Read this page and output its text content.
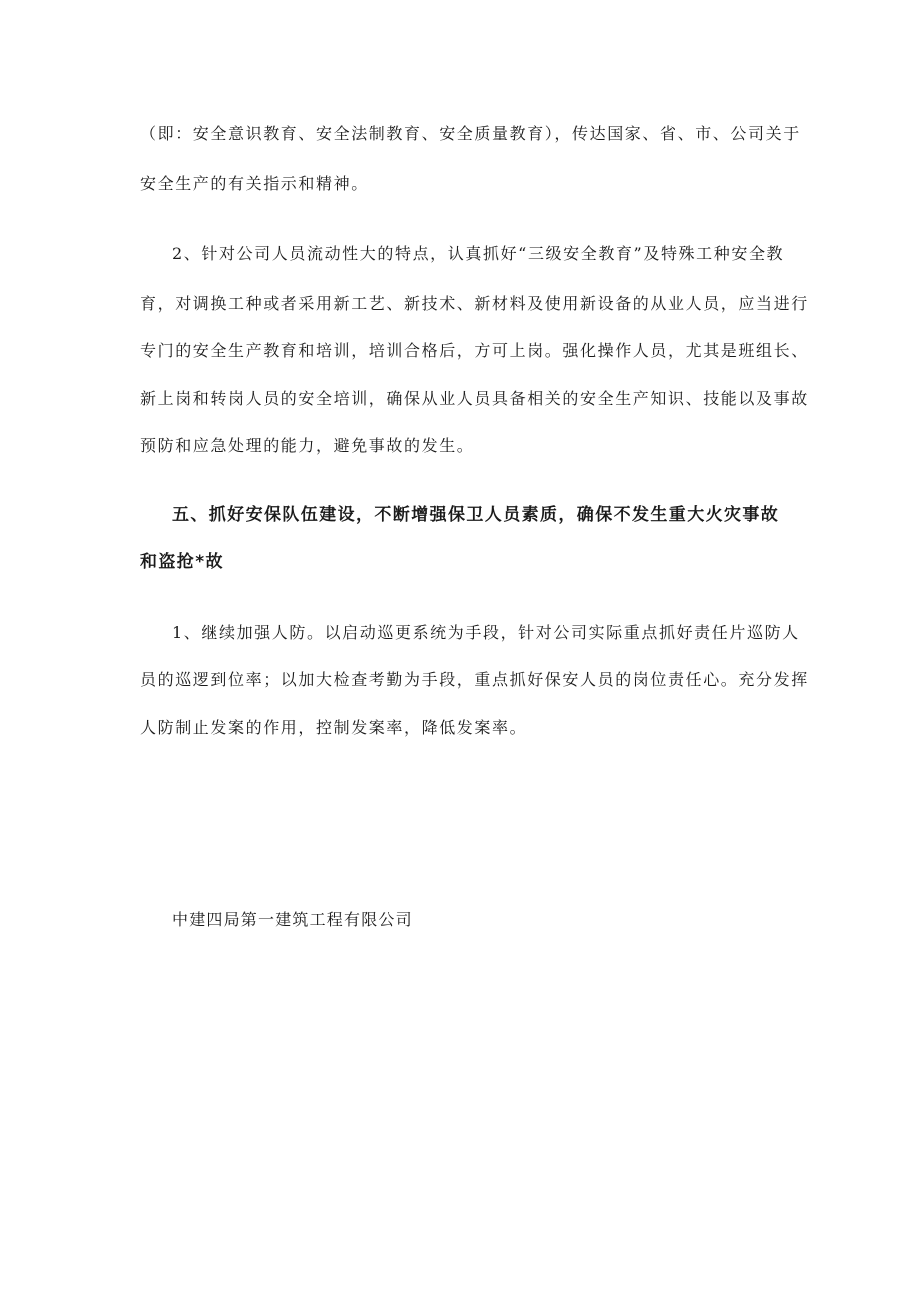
（即：安全意识教育、安全法制教育、安全质量教育），传达国家、省、市、公司关于
安全生产的有关指示和精神。
2、针对公司人员流动性大的特点，认真抓好“三级安全教育”及特殊工种安全教
育，对调换工种或者采用新工艺、新技术、新材料及使用新设备的从业人员，应当进行
专门的安全生产教育和培训，培训合格后，方可上岗。强化操作人员，尤其是班组长、
新上岗和转岗人员的安全培训，确保从业人员具备相关的安全生产知识、技能以及事故
预防和应急处理的能力，避免事故的发生。
五、抓好安保队伍建设，不断增强保卫人员素质，确保不发生重大火灾事故
和盗抢*故
1、继续加强人防。以启动巡更系统为手段，针对公司实际重点抓好责任片巡防人
员的巡逻到位率；以加大检查考勤为手段，重点抓好保安人员的岗位责任心。充分发挥
人防制止发案的作用，控制发案率，降低发案率。
中建四局第一建筑工程有限公司
